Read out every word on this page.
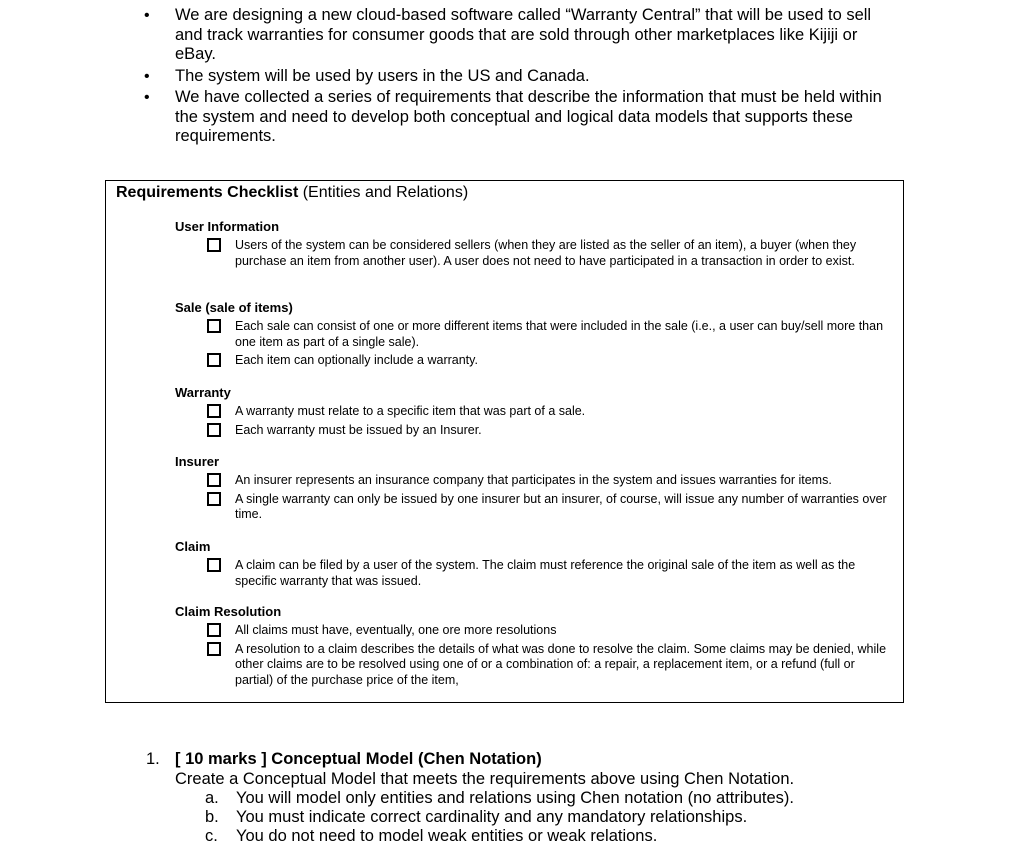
• We are designing a new cloud-based software called “Warranty Central” that will be used to sell and track warranties for consumer goods that are sold through other marketplaces like Kijiji or eBay.
• The system will be used by users in the US and Canada.
• We have collected a series of requirements that describe the information that must be held within the system and need to develop both conceptual and logical data models that supports these requirements.
Requirements Checklist (Entities and Relations)
User Information
Users of the system can be considered sellers (when they are listed as the seller of an item), a buyer (when they purchase an item from another user). A user does not need to have participated in a transaction in order to exist.
Sale (sale of items)
Each sale can consist of one or more different items that were included in the sale (i.e., a user can buy/sell more than one item as part of a single sale).
Each item can optionally include a warranty.
Warranty
A warranty must relate to a specific item that was part of a sale.
Each warranty must be issued by an Insurer.
Insurer
An insurer represents an insurance company that participates in the system and issues warranties for items.
A single warranty can only be issued by one insurer but an insurer, of course, will issue any number of warranties over time.
Claim
A claim can be filed by a user of the system. The claim must reference the original sale of the item as well as the specific warranty that was issued.
Claim Resolution
All claims must have, eventually, one ore more resolutions
A resolution to a claim describes the details of what was done to resolve the claim. Some claims may be denied, while other claims are to be resolved using one of or a combination of: a repair, a replacement item, or a refund (full or partial) of the purchase price of the item,
1. [ 10 marks ] Conceptual Model (Chen Notation)
Create a Conceptual Model that meets the requirements above using Chen Notation.
a.	You will model only entities and relations using Chen notation (no attributes).
b.	You must indicate correct cardinality and any mandatory relationships.
c.	You do not need to model weak entities or weak relations.
